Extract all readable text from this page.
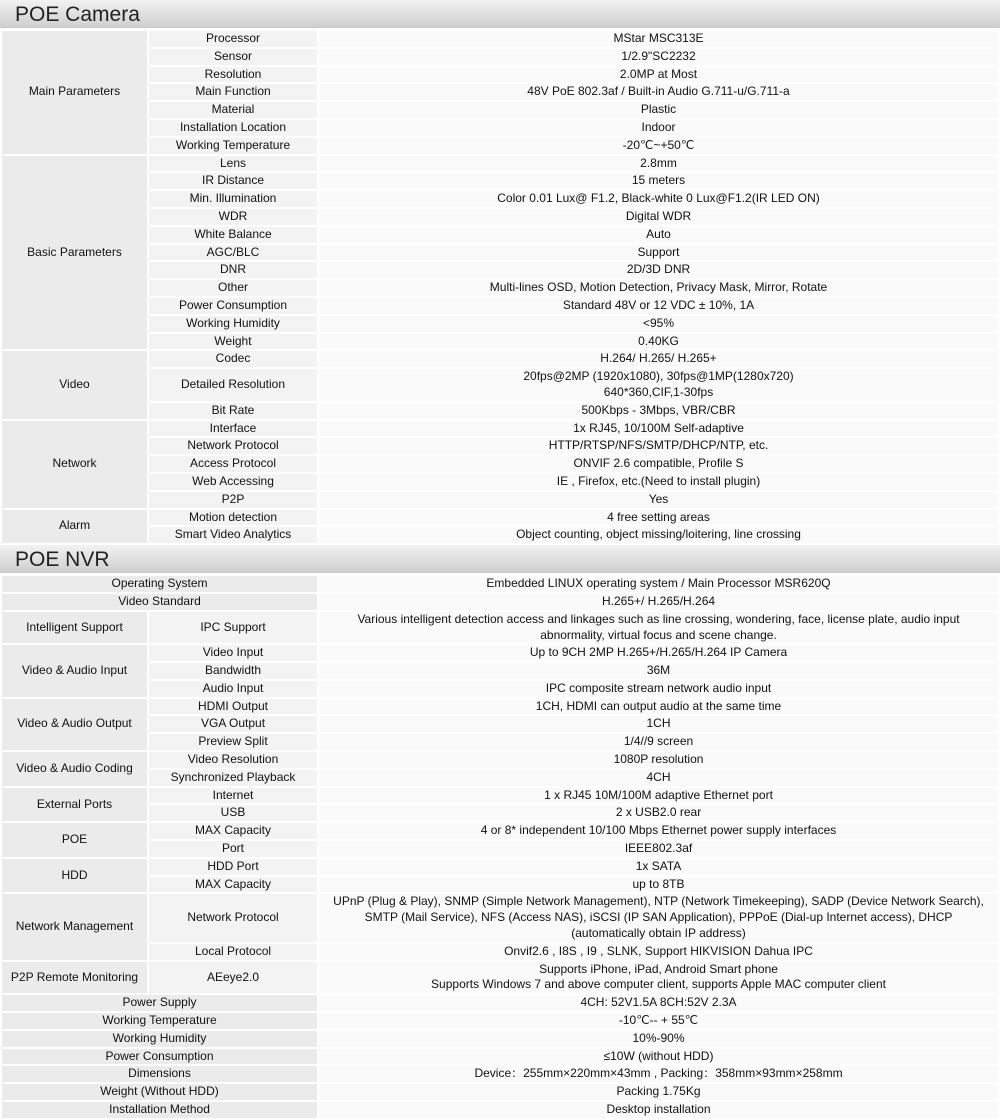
POE Camera
Main Parameters	Processor	MStar MSC313E
	Sensor	1/2.9"SC2232
	Resolution	2.0MP at Most
	Main Function	48V PoE 802.3af / Built-in Audio G.711-u/G.711-a
	Material	Plastic
	Installation Location	Indoor
	Working Temperature	-20℃~+50℃
Basic Parameters	Lens	2.8mm
	IR Distance	15 meters
	Min. Illumination	Color 0.01 Lux@ F1.2, Black-white 0 Lux@F1.2(IR LED ON)
	WDR	Digital WDR
	White Balance	Auto
	AGC/BLC	Support
	DNR	2D/3D DNR
	Other	Multi-lines OSD, Motion Detection, Privacy Mask, Mirror, Rotate
	Power Consumption	Standard 48V or 12 VDC ± 10%, 1A
	Working Humidity	<95%
	Weight	0.40KG
Video	Codec	H.264/ H.265/ H.265+
	Detailed Resolution	20fps@2MP (1920x1080), 30fps@1MP(1280x720)
640*360,CIF,1-30fps
	Bit Rate	500Kbps - 3Mbps, VBR/CBR
Network	Interface	1x RJ45, 10/100M Self-adaptive
	Network Protocol	HTTP/RTSP/NFS/SMTP/DHCP/NTP, etc.
	Access Protocol	ONVIF 2.6 compatible, Profile S
	Web Accessing	IE , Firefox, etc.(Need to install plugin)
	P2P	Yes
Alarm	Motion detection	4 free setting areas
	Smart Video Analytics	Object counting, object missing/loitering, line crossing
POE NVR
Operating System		Embedded LINUX operating system / Main Processor MSR620Q
Video Standard		H.265+/ H.265/H.264
Intelligent Support	IPC Support	Various intelligent detection access and linkages such as line crossing, wondering, face, license plate, audio input
abnormality, virtual focus and scene change.
Video & Audio Input	Video Input	Up to 9CH 2MP H.265+/H.265/H.264 IP Camera
	Bandwidth	36M
	Audio Input	IPC composite stream network audio input
Video & Audio Output	HDMI Output	1CH, HDMI can output audio at the same time
	VGA Output	1CH
	Preview Split	1/4//9 screen
Video & Audio Coding	Video Resolution	1080P resolution
	Synchronized Playback	4CH
External Ports	Internet	1 x RJ45 10M/100M adaptive Ethernet port
	USB	2 x USB2.0 rear
POE	MAX Capacity	4 or 8* independent 10/100 Mbps Ethernet power supply interfaces
	Port	IEEE802.3af
HDD	HDD Port	1x SATA
	MAX Capacity	up to 8TB
Network Management	Network Protocol	UPnP (Plug & Play), SNMP (Simple Network Management), NTP (Network Timekeeping), SADP (Device Network Search),
SMTP (Mail Service), NFS (Access NAS), iSCSI (IP SAN Application), PPPoE (Dial-up Internet access), DHCP
(automatically obtain IP address)
	Local Protocol	Onvif2.6 , I8S , I9 , SLNK, Support HIKVISION Dahua IPC
P2P Remote Monitoring	AEeye2.0	Supports iPhone, iPad, Android Smart phone
Supports Windows 7 and above computer client, supports Apple MAC computer client
Power Supply		4CH: 52V1.5A 8CH:52V 2.3A
Working Temperature		-10℃-- + 55℃
Working Humidity		10%-90%
Power Consumption		≤10W (without HDD)
Dimensions		Device：255mm×220mm×43mm , Packing：358mm×93mm×258mm
Weight (Without HDD)		Packing 1.75Kg
Installation Method		Desktop installation
